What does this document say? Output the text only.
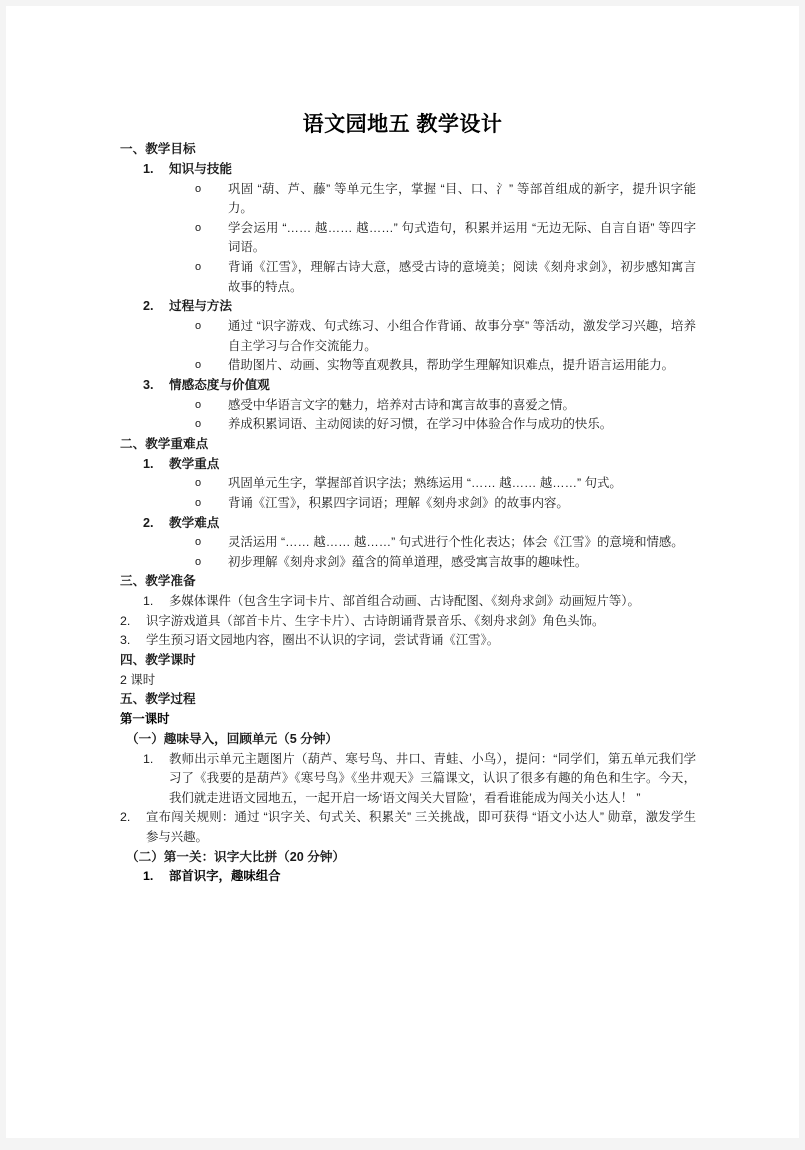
语文园地五 教学设计
一、教学目标
1.	知识与技能
o	巩固 “葫、芦、藤” 等单元生字，掌握 “目、口、氵” 等部首组成的新字，提升识字能力。
o	学会运用 “…… 越…… 越……” 句式造句，积累并运用 “无边无际、自言自语” 等四字词语。
o	背诵《江雪》，理解古诗大意，感受古诗的意境美；阅读《刻舟求剑》，初步感知寓言故事的特点。
2.	过程与方法
o	通过 “识字游戏、句式练习、小组合作背诵、故事分享” 等活动，激发学习兴趣，培养自主学习与合作交流能力。
o	借助图片、动画、实物等直观教具，帮助学生理解知识难点，提升语言运用能力。
3.	情感态度与价值观
o	感受中华语言文字的魅力，培养对古诗和寓言故事的喜爱之情。
o	养成积累词语、主动阅读的好习惯，在学习中体验合作与成功的快乐。
二、教学重难点
1.	教学重点
o	巩固单元生字，掌握部首识字法；熟练运用 “…… 越…… 越……” 句式。
o	背诵《江雪》，积累四字词语；理解《刻舟求剑》的故事内容。
2.	教学难点
o	灵活运用 “…… 越…… 越……” 句式进行个性化表达；体会《江雪》的意境和情感。
o	初步理解《刻舟求剑》蕴含的简单道理，感受寓言故事的趣味性。
三、教学准备
1.	多媒体课件（包含生字词卡片、部首组合动画、古诗配图、《刻舟求剑》动画短片等）。
2.	识字游戏道具（部首卡片、生字卡片）、古诗朗诵背景音乐、《刻舟求剑》角色头饰。
3.	学生预习语文园地内容，圈出不认识的字词，尝试背诵《江雪》。
四、教学课时
2 课时
五、教学过程
第一课时
（一）趣味导入，回顾单元（5 分钟）
1.	教师出示单元主题图片（葫芦、寒号鸟、井口、青蛙、小鸟），提问：“同学们，第五单元我们学习了《我要的是葫芦》《寒号鸟》《坐井观天》三篇课文，认识了很多有趣的角色和生字。今天，我们就走进语文园地五，一起开启一场‘语文闯关大冒险’，看看谁能成为闯关小达人！ ”
2.	宣布闯关规则：通过 “识字关、句式关、积累关” 三关挑战，即可获得 “语文小达人” 勋章，激发学生参与兴趣。
（二）第一关：识字大比拼（20 分钟）
1.	部首识字，趣味组合
